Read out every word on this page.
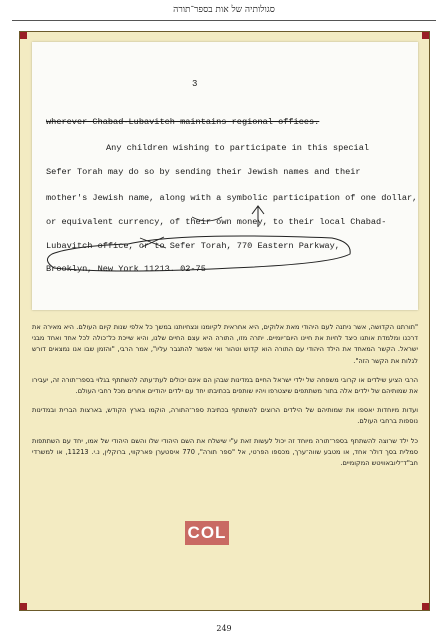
סגולותיה של אות בספר־תורה
3
wherever Chabad-Lubavitch maintains regional offices.
Any children wishing to participate in this special
Sefer Torah may do so by sending their Jewish names and their
mother's Jewish name, along with a symbolic participation of one dollar,
or equivalent currency, of their own money, to their local Chabad-
Lubavitch office, or to Sefer Torah, 770 Eastern Parkway,
Brooklyn, New York 11213. 02-75

"תורתנו הקדושה, אשר ניתנה לעם היהודי מאת אלוקים, היא אחראית לקיומנו ונצחיותנו במשך כל אלפי שנות קיום העולם. היא מאירה את דרכנו ומלמדת אותנו כיצד לחיות את חיינו היום־יומיים. יתרה מזו, התורה היא עצם החיים שלנו, והיא שייכת כל־כולה לכל אחד ואחד מבני ישראל. הקשר המאחד את הילד היהודי עם התורה הוא קדוש וטהור ואי אפשר להתגבר עליו", אמר הרבי, "והזמן שבו אנו נמצאים דורש לגלות את הקשר הזה".

הרבי הציע שילדים או קרובי משפחה של ילדי ישראל החיים במדינות שבהן הם אינם יכולים לעת־עתה להשתתף בגלוי בספר־תורה זה, יעבירו את שמותיהם של ילדים אלה בתור משתתפים שיצטרפו ויהיו שותפים בכתיבתו יחד עם ילדים יהודיים אחרים מכל רחבי העולם.

ועדות מיוחדות יאספו את שמותיהם של הילדים הרוצים להשתתף בכתיבת ספר־התורה, הוקמו בארץ הקודש, בארצות הברית ובמדינות נוספות ברחבי העולם.

כל ילד שרוצה להשתתף בספר־תורה מיוחד זה יכול לעשות זאת ע"י שישלח את השם היהודי שלו והשם היהודי של אמו, יחד עם השתתפות סמלית בסך דולר אחד, או מטבע שווה־ערך, מכספו הפרטי, אל "ספר תורה", 770 איסטערן פארקווי, ברוקלין, נ.י. 11213, או למשרדי חב"ד־ליובאוויטש המקומיים.

COL
249
